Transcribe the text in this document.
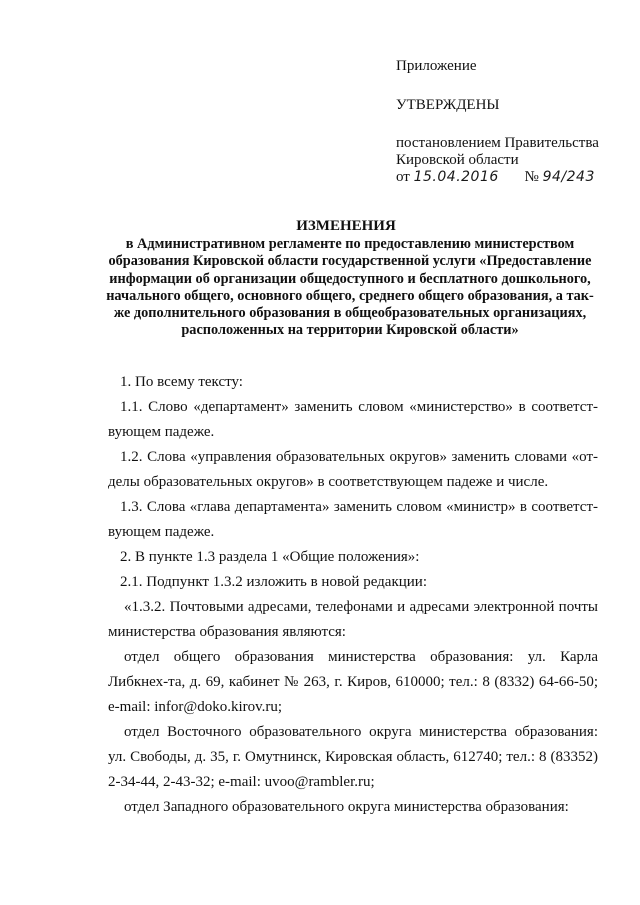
Приложение
УТВЕРЖДЕНЫ
постановлением Правительства
Кировской области
от 15.04.2016 № 94/243
ИЗМЕНЕНИЯ
в Административном регламенте по предоставлению министерством
образования Кировской области государственной услуги «Предоставление
информации об организации общедоступного и бесплатного дошкольного,
начального общего, основного общего, среднего общего образования, а так-
же дополнительного образования в общеобразовательных организациях,
расположенных на территории Кировской области»

1. По всему тексту:

1.1. Слово «департамент» заменить словом «министерство» в соответст-вующем падеже.

1.2. Слова «управления образовательных округов» заменить словами «от-делы образовательных округов» в соответствующем падеже и числе.

1.3. Слова «глава департамента» заменить словом «министр» в соответст-вующем падеже.

2. В пункте 1.3 раздела 1 «Общие положения»:

2.1. Подпункт 1.3.2 изложить в новой редакции:

«1.3.2. Почтовыми адресами, телефонами и адресами электронной почты министерства образования являются:

отдел общего образования министерства образования: ул. Карла Либкнех-та, д. 69, кабинет № 263, г. Киров, 610000; тел.: 8 (8332) 64-66-50; e-mail: infor@doko.kirov.ru;

отдел Восточного образовательного округа министерства образования: ул. Свободы, д. 35, г. Омутнинск, Кировская область, 612740; тел.: 8 (83352) 2-34-44, 2-43-32; e-mail: uvoo@rambler.ru;

отдел Западного образовательного округа министерства образования:
